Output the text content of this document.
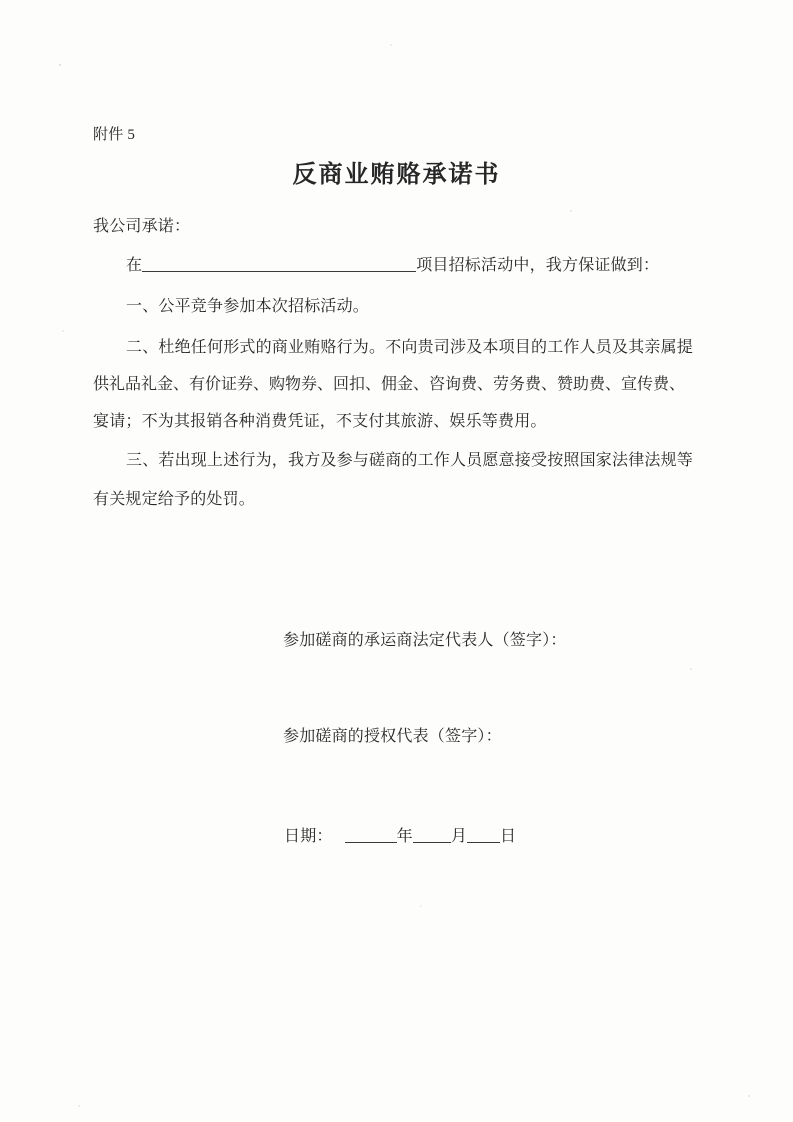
附件 5
反商业贿赂承诺书
我公司承诺：
在	项目招标活动中，我方保证做到：
一、公平竞争参加本次招标活动。
二、杜绝任何形式的商业贿赂行为。不向贵司涉及本项目的工作人员及其亲属提
供礼品礼金、有价证券、购物券、回扣、佣金、咨询费、劳务费、赞助费、宣传费、
宴请；不为其报销各种消费凭证，不支付其旅游、娱乐等费用。
三、若出现上述行为，我方及参与磋商的工作人员愿意接受按照国家法律法规等
有关规定给予的处罚。
参加磋商的承运商法定代表人（签字）：
参加磋商的授权代表（签字）：
日期：	年 月 日
